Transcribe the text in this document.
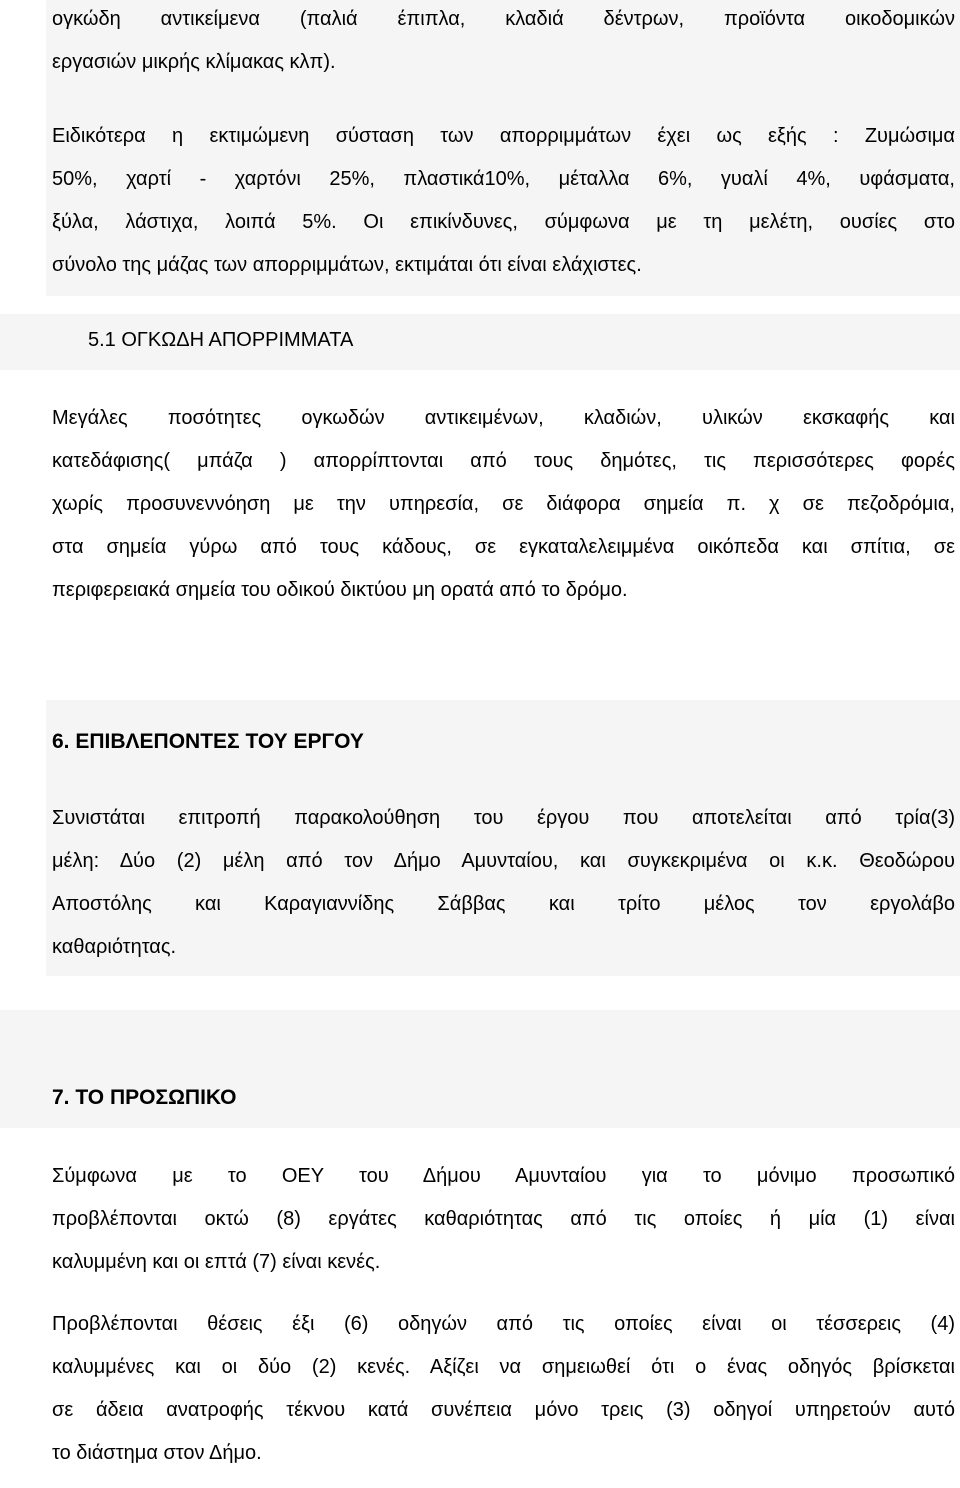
ογκώδη αντικείμενα (παλιά έπιπλα, κλαδιά δέντρων, προϊόντα οικοδομικών
εργασιών μικρής κλίμακας κλπ).
Ειδικότερα η εκτιμώμενη σύσταση των απορριμμάτων έχει ως εξής : Ζυμώσιμα
50%, χαρτί - χαρτόνι 25%, πλαστικά10%, μέταλλα 6%, γυαλί 4%, υφάσματα,
ξύλα, λάστιχα, λοιπά 5%. Οι επικίνδυνες, σύμφωνα με τη μελέτη, ουσίες στο
σύνολο της μάζας των απορριμμάτων, εκτιμάται ότι είναι ελάχιστες.
5.1 ΟΓΚΩΔΗ ΑΠΟΡΡΙΜΜΑΤΑ
Μεγάλες ποσότητες ογκωδών αντικειμένων, κλαδιών, υλικών εκσκαφής και
κατεδάφισης( μπάζα ) απορρίπτονται από τους δημότες, τις περισσότερες φορές
χωρίς προσυνεννόηση με την υπηρεσία, σε διάφορα σημεία π. χ σε πεζοδρόμια,
στα σημεία γύρω από τους κάδους, σε εγκαταλελειμμένα οικόπεδα και σπίτια, σε
περιφερειακά σημεία του οδικού δικτύου μη ορατά από το δρόμο.
6. ΕΠΙΒΛΕΠΟΝΤΕΣ ΤΟΥ ΕΡΓΟΥ
Συνιστάται επιτροπή παρακολούθηση του έργου που αποτελείται από τρία(3)
μέλη: Δύο (2) μέλη από τον Δήμο Αμυνταίου, και συγκεκριμένα οι κ.κ. Θεοδώρου
Αποστόλης και Καραγιαννίδης Σάββας και τρίτο μέλος τον εργολάβο
καθαριότητας.
7. ΤΟ ΠΡΟΣΩΠΙΚΟ
Σύμφωνα με το ΟΕΥ του Δήμου Αμυνταίου για το μόνιμο προσωπικό
προβλέπονται οκτώ (8) εργάτες καθαριότητας από τις οποίες ή μία (1) είναι
καλυμμένη και οι επτά (7) είναι κενές.
Προβλέπονται θέσεις έξι (6) οδηγών από τις οποίες είναι οι τέσσερεις (4)
καλυμμένες και οι δύο (2) κενές. Αξίζει να σημειωθεί ότι ο ένας οδηγός βρίσκεται
σε άδεια ανατροφής τέκνου κατά συνέπεια μόνο τρεις (3) οδηγοί υπηρετούν αυτό
το διάστημα στον Δήμο.
